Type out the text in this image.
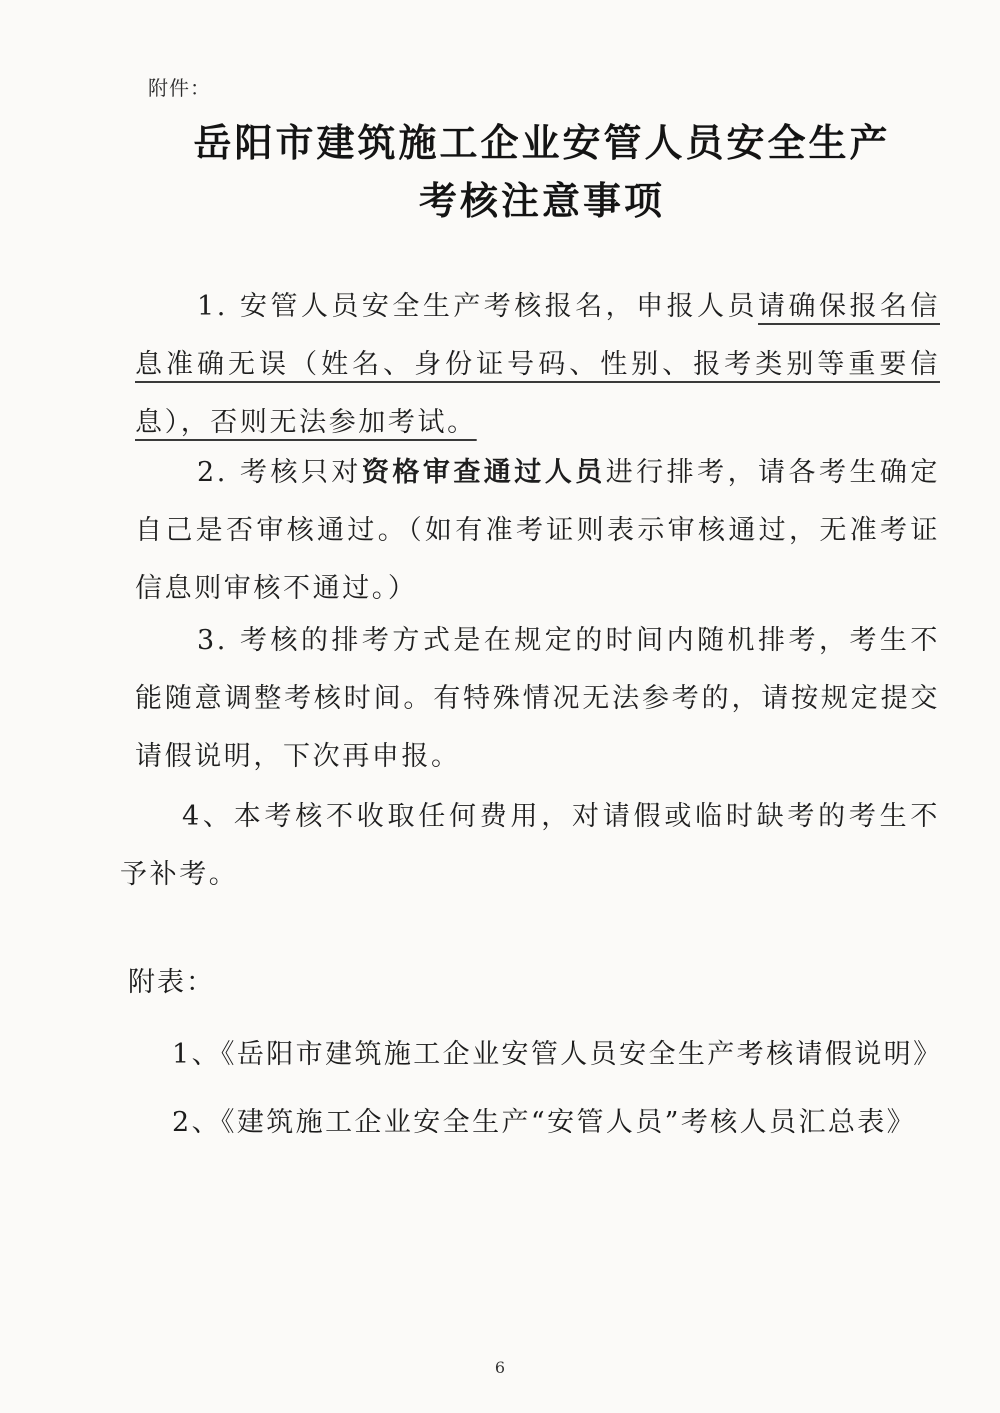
附件：
岳阳市建筑施工企业安管人员安全生产
考核注意事项
1. 安管人员安全生产考核报名，申报人员请确保报名信息准确无误（姓名、身份证号码、性别、报考类别等重要信息），否则无法参加考试。
2. 考核只对资格审查通过人员进行排考，请各考生确定自己是否审核通过。（如有准考证则表示审核通过，无准考证信息则审核不通过。）
3. 考核的排考方式是在规定的时间内随机排考，考生不能随意调整考核时间。有特殊情况无法参考的，请按规定提交请假说明，下次再申报。
4、本考核不收取任何费用，对请假或临时缺考的考生不予补考。
附表：
1、《岳阳市建筑施工企业安管人员安全生产考核请假说明》
2、《建筑施工企业安全生产“安管人员”考核人员汇总表》
6
